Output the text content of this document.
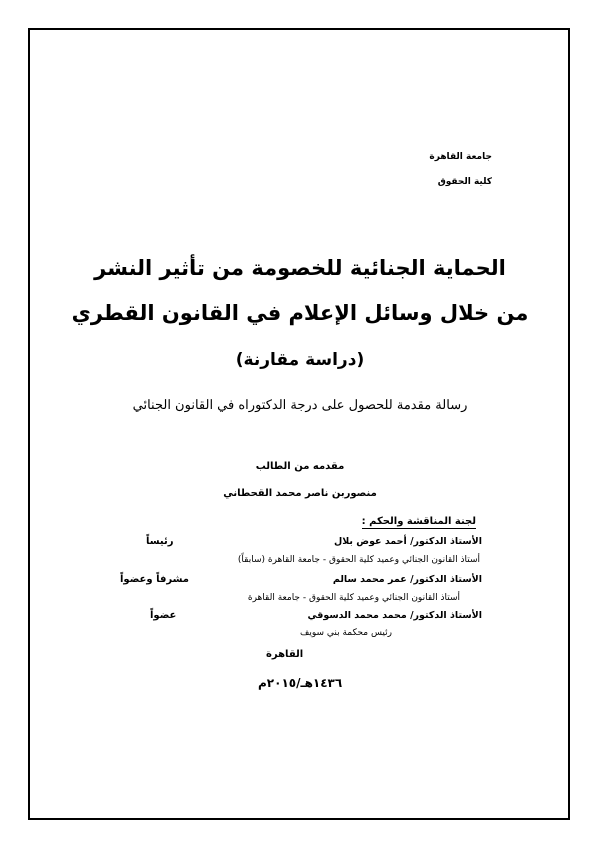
جامعة القاهرة
كلية الحقوق
الحماية الجنائية للخصومة من تأثير النشر
من خلال وسائل الإعلام في القانون القطري
(دراسة مقارنة)
رسالة مقدمة للحصول على درجة الدكتوراه في القانون الجنائي
مقدمه من الطالب
منصوربن ناصر محمد القحطاني
لجنة المناقشة والحكم :
الأستاذ الدكتور/ أحمد عوض بلال
أستاذ القانون الجنائي وعميد كلية الحقوق - جامعة القاهرة (سابقاً)
رئيساً
الأستاذ الدكتور/ عمر محمد سالم
أستاذ القانون الجنائي وعميد كلية الحقوق - جامعة القاهرة
مشرفاً وعضواً
الأستاذ الدكتور/ محمد محمد الدسوقي
رئيس محكمة بني سويف
عضواً
القاهرة
١٤٣٦هـ/٢٠١٥م
